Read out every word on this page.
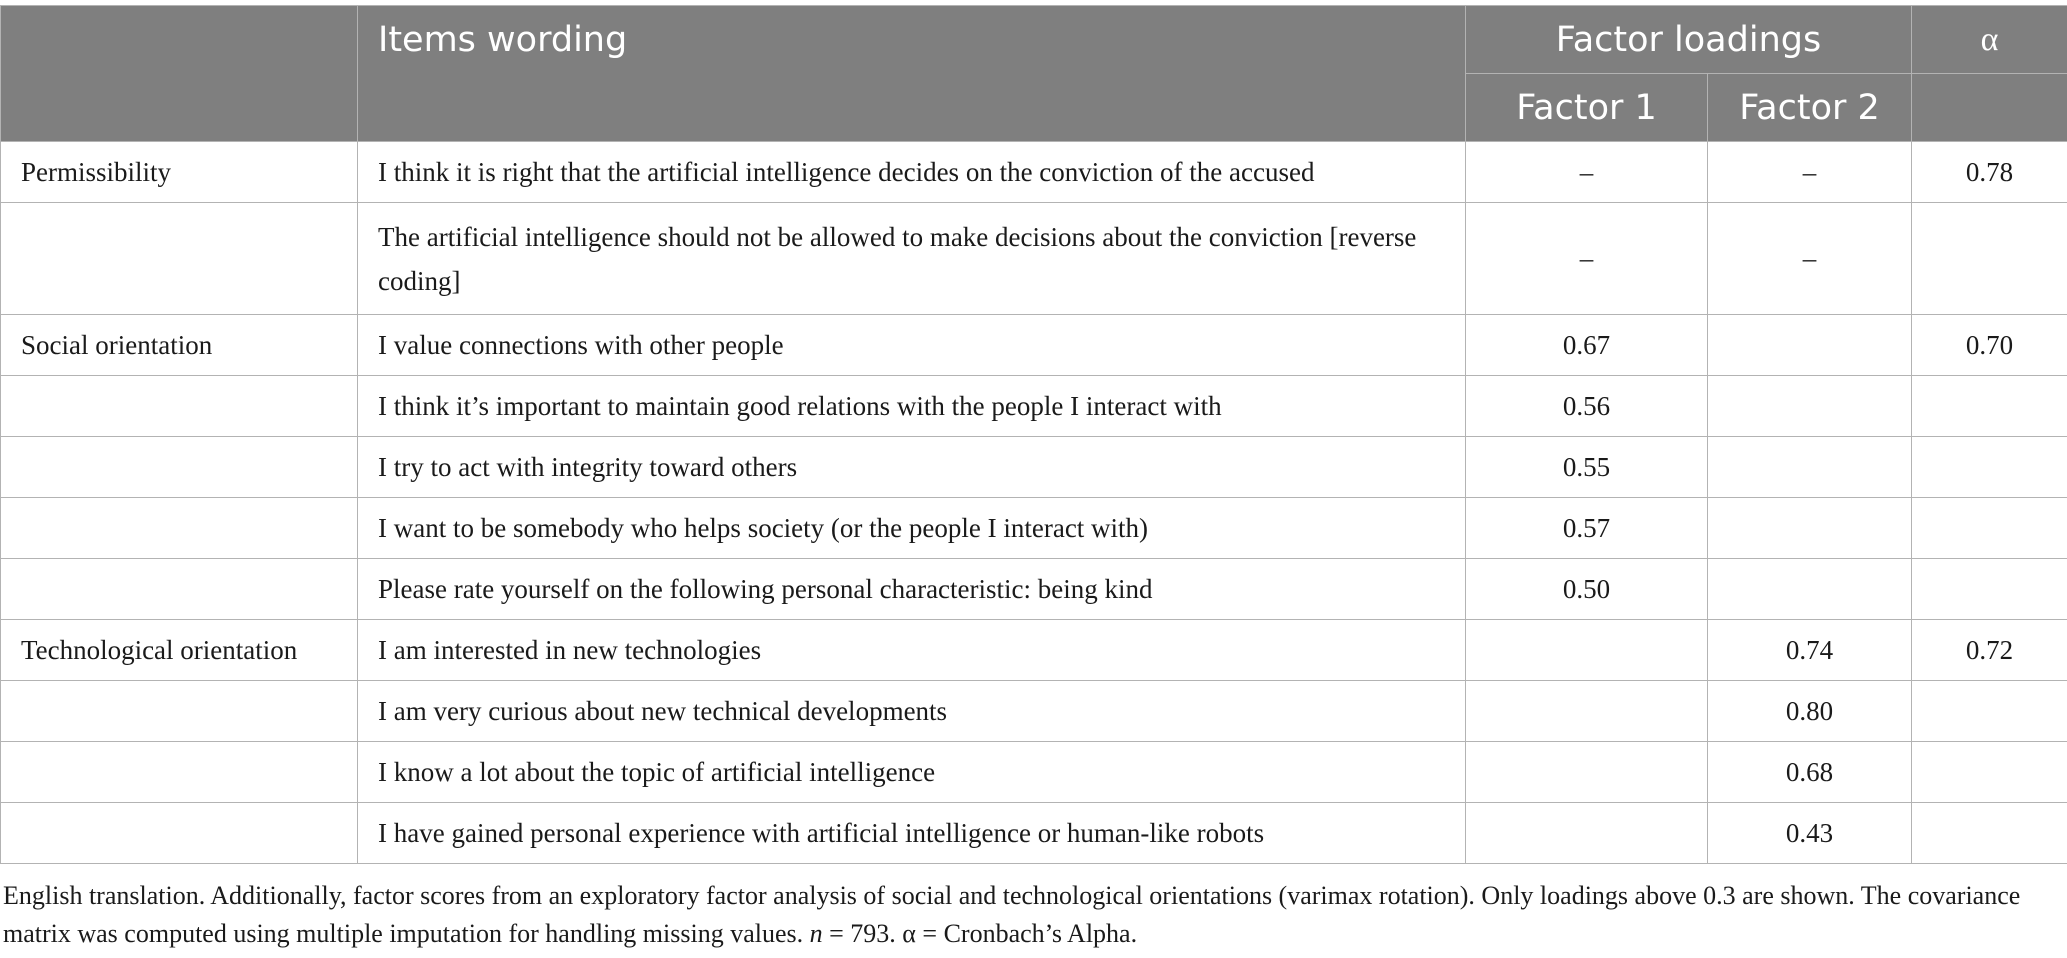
	Items wording	Factor loadings		α
		Factor 1	Factor 2	
Permissibility	I think it is right that the artificial intelligence decides on the conviction of the accused	–	–	0.78
	The artificial intelligence should not be allowed to make decisions about the conviction [reverse coding]	–	–	
Social orientation	I value connections with other people	0.67		0.70
	I think it’s important to maintain good relations with the people I interact with	0.56		
	I try to act with integrity toward others	0.55		
	I want to be somebody who helps society (or the people I interact with)	0.57		
	Please rate yourself on the following personal characteristic: being kind	0.50		
Technological orientation	I am interested in new technologies		0.74	0.72
	I am very curious about new technical developments		0.80	
	I know a lot about the topic of artificial intelligence		0.68	
	I have gained personal experience with artificial intelligence or human-like robots		0.43	
English translation. Additionally, factor scores from an exploratory factor analysis of social and technological orientations (varimax rotation). Only loadings above 0.3 are shown. The covariance matrix was computed using multiple imputation for handling missing values. n = 793. α = Cronbach’s Alpha.
